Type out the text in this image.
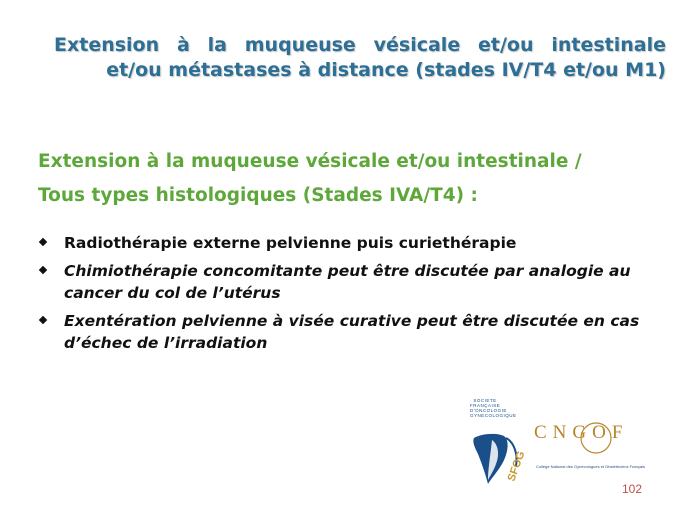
Extension à la muqueuse vésicale et/ou intestinale
et/ou métastases à distance (stades IV/T4 et/ou M1)
Extension à la muqueuse vésicale et/ou intestinale /
Tous types histologiques (Stades IVA/T4) :
Radiothérapie externe pelvienne puis curiethérapie
Chimiothérapie concomitante peut être discutée par analogie au cancer du col de l’utérus
Exentération pelvienne à visée curative peut être discutée en cas d’échec de l’irradiation
SOCIETE FRANÇAISE D'ONCOLOGIE GYNECOLOGIQUE
SFOG
CNGOF
Collège National des Gynécologues et Obstétriciens Français
102
